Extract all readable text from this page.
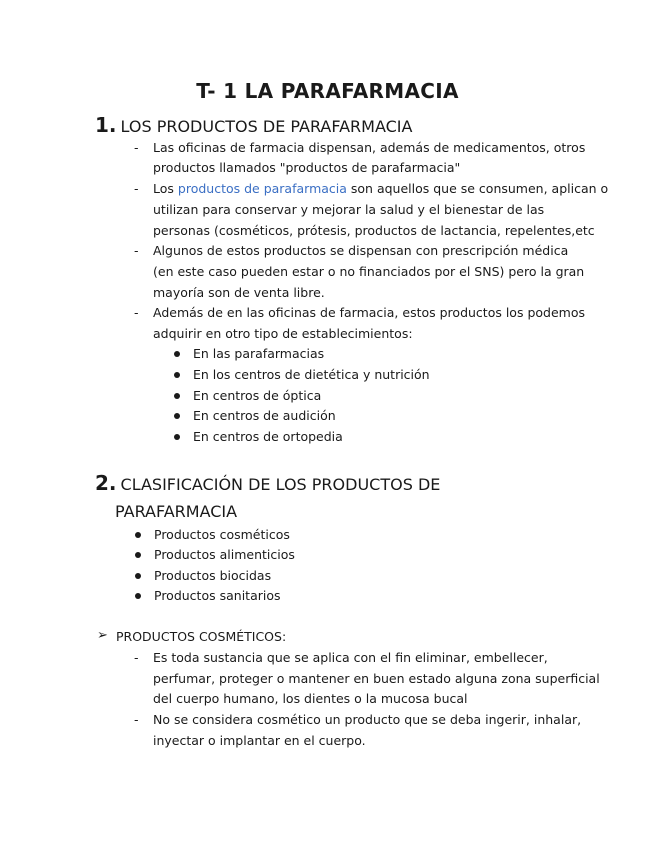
T- 1 LA PARAFARMACIA
1. LOS PRODUCTOS DE PARAFARMACIA
- Las oficinas de farmacia dispensan, además de medicamentos, otros
productos llamados "productos de parafarmacia"
- Los productos de parafarmacia son aquellos que se consumen, aplican o
utilizan para conservar y mejorar la salud y el bienestar de las
personas (cosméticos, prótesis, productos de lactancia, repelentes,etc
- Algunos de estos productos se dispensan con prescripción médica
(en este caso pueden estar o no financiados por el SNS) pero la gran
mayoría son de venta libre.
- Además de en las oficinas de farmacia, estos productos los podemos
adquirir en otro tipo de establecimientos:
En las parafarmacias
En los centros de dietética y nutrición
En centros de óptica
En centros de audición
En centros de ortopedia
2. CLASIFICACIÓN DE LOS PRODUCTOS DE
PARAFARMACIA
Productos cosméticos
Productos alimenticios
Productos biocidas
Productos sanitarios
➢ PRODUCTOS COSMÉTICOS:
- Es toda sustancia que se aplica con el fin eliminar, embellecer,
perfumar, proteger o mantener en buen estado alguna zona superficial
del cuerpo humano, los dientes o la mucosa bucal
- No se considera cosmético un producto que se deba ingerir, inhalar,
inyectar o implantar en el cuerpo.
